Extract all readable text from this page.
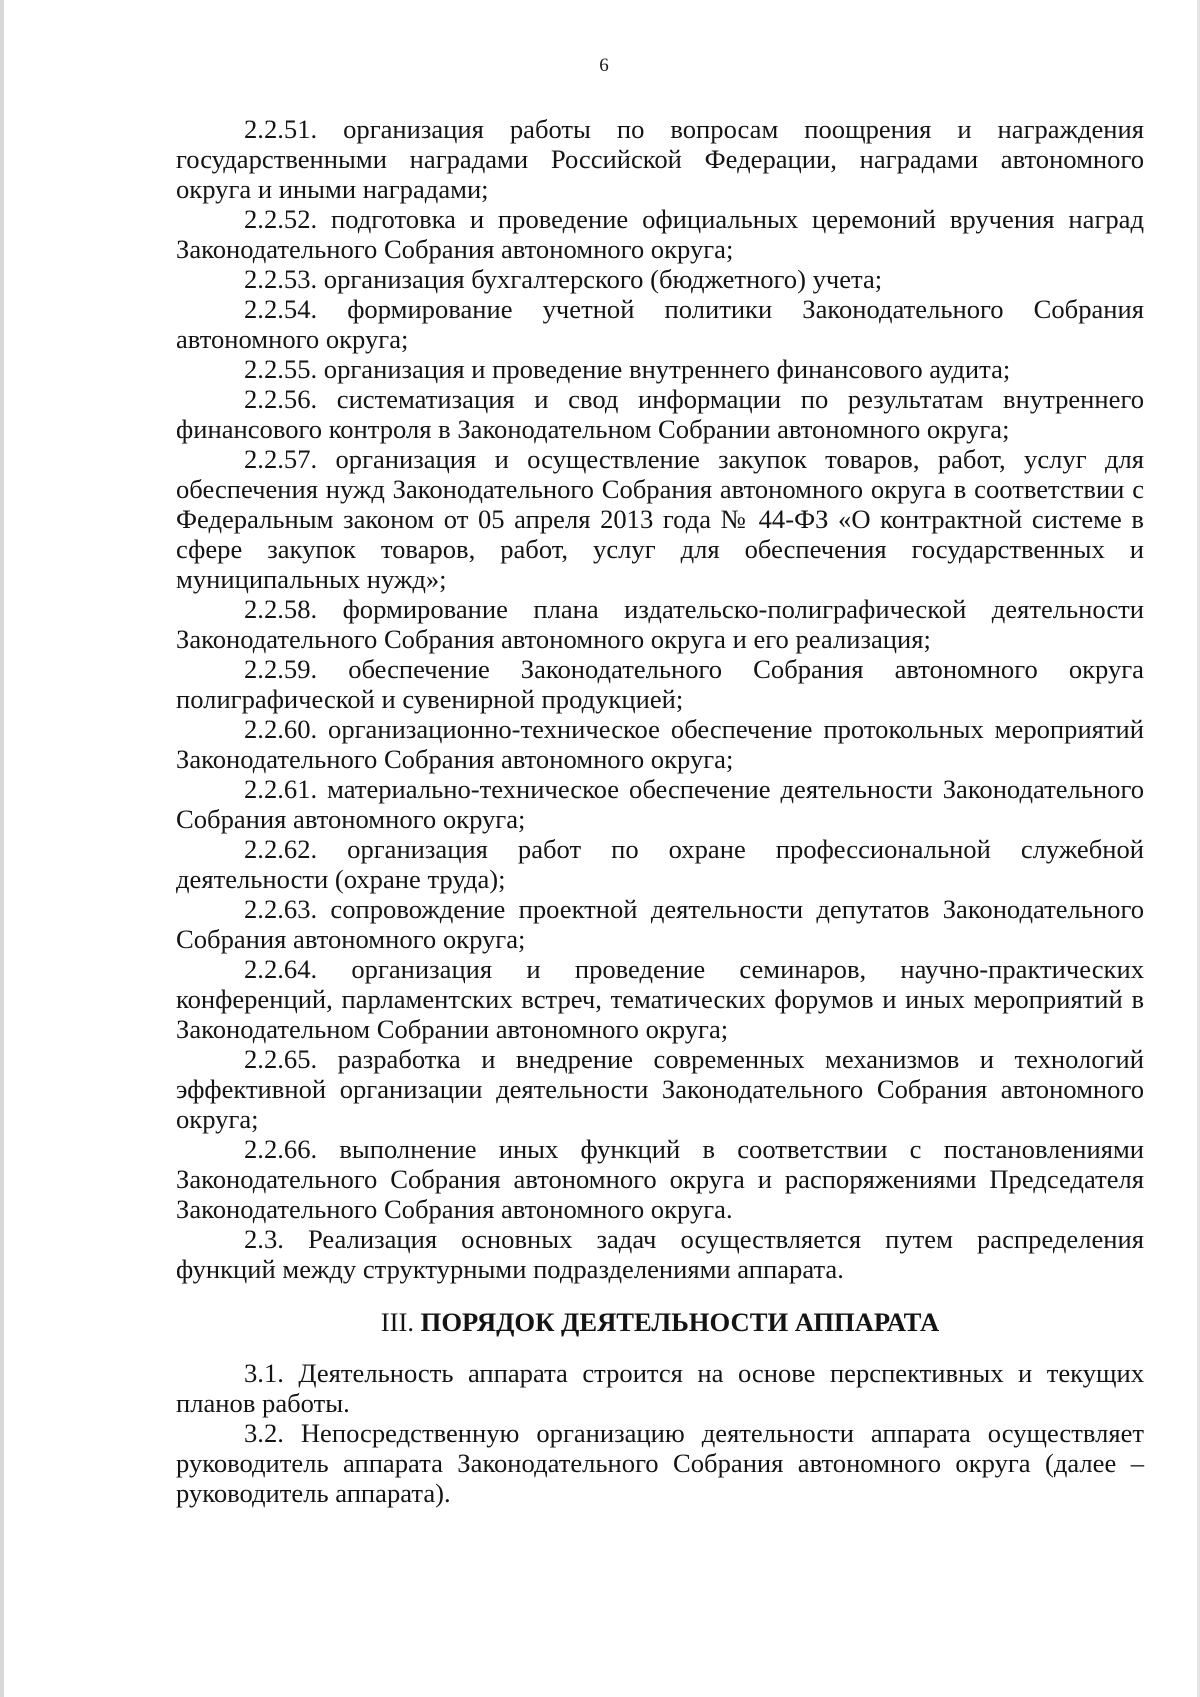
6

2.2.51. организация работы по вопросам поощрения и награждения государственными наградами Российской Федерации, наградами автономного округа и иными наградами;

2.2.52. подготовка и проведение официальных церемоний вручения наград Законодательного Собрания автономного округа;

2.2.53. организация бухгалтерского (бюджетного) учета;

2.2.54. формирование учетной политики Законодательного Собрания автономного округа;

2.2.55. организация и проведение внутреннего финансового аудита;

2.2.56. систематизация и свод информации по результатам внутреннего финансового контроля в Законодательном Собрании автономного округа;

2.2.57. организация и осуществление закупок товаров, работ, услуг для обеспечения нужд Законодательного Собрания автономного округа в соответствии с Федеральным законом от 05 апреля 2013 года № 44-ФЗ «О контрактной системе в сфере закупок товаров, работ, услуг для обеспечения государственных и муниципальных нужд»;

2.2.58. формирование плана издательско-полиграфической деятельности Законодательного Собрания автономного округа и его реализация;

2.2.59. обеспечение Законодательного Собрания автономного округа полиграфической и сувенирной продукцией;

2.2.60. организационно-техническое обеспечение протокольных мероприятий Законодательного Собрания автономного округа;

2.2.61. материально-техническое обеспечение деятельности Законодательного Собрания автономного округа;

2.2.62. организация работ по охране профессиональной служебной деятельности (охране труда);

2.2.63. сопровождение проектной деятельности депутатов Законодательного Собрания автономного округа;

2.2.64. организация и проведение семинаров, научно-практических конференций, парламентских встреч, тематических форумов и иных мероприятий в Законодательном Собрании автономного округа;

2.2.65. разработка и внедрение современных механизмов и технологий эффективной организации деятельности Законодательного Собрания автономного округа;

2.2.66. выполнение иных функций в соответствии с постановлениями Законодательного Собрания автономного округа и распоряжениями Председателя Законодательного Собрания автономного округа.

2.3. Реализация основных задач осуществляется путем распределения функций между структурными подразделениями аппарата.

III. ПОРЯДОК ДЕЯТЕЛЬНОСТИ АППАРАТА

3.1. Деятельность аппарата строится на основе перспективных и текущих планов работы.

3.2. Непосредственную организацию деятельности аппарата осуществляет руководитель аппарата Законодательного Собрания автономного округа (далее – руководитель аппарата).
